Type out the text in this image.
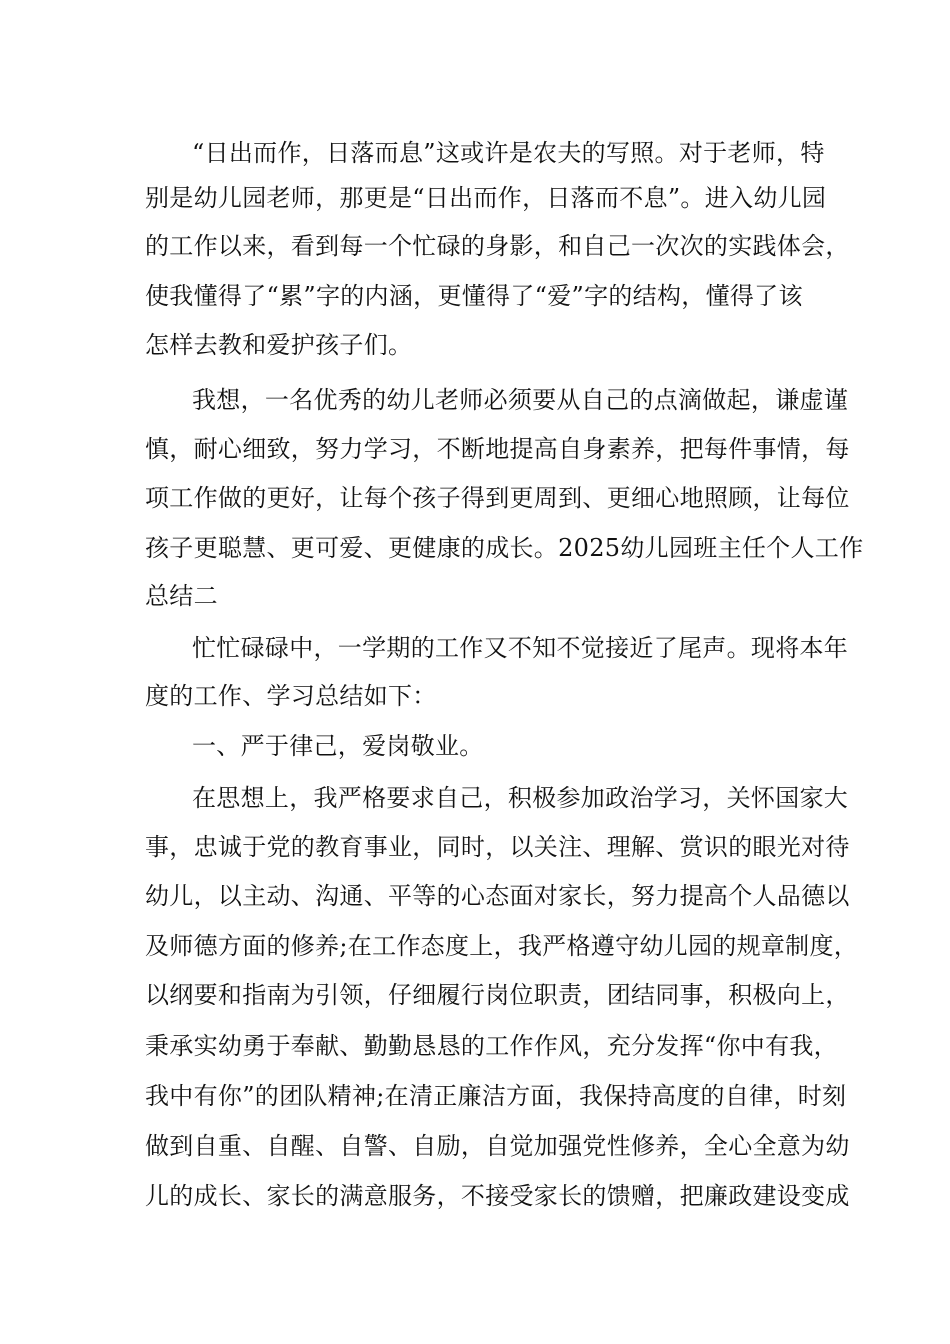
“日出而作，日落而息”这或许是农夫的写照。对于老师，特
别是幼儿园老师，那更是“日出而作，日落而不息”。进入幼儿园
的工作以来，看到每一个忙碌的身影，和自己一次次的实践体会，
使我懂得了“累”字的内涵，更懂得了“爱”字的结构，懂得了该
怎样去教和爱护孩子们。
我想，一名优秀的幼儿老师必须要从自己的点滴做起，谦虚谨
慎，耐心细致，努力学习，不断地提高自身素养，把每件事情，每
项工作做的更好，让每个孩子得到更周到、更细心地照顾，让每位
孩子更聪慧、更可爱、更健康的成长。2025幼儿园班主任个人工作
总结二
忙忙碌碌中，一学期的工作又不知不觉接近了尾声。现将本年
度的工作、学习总结如下：
一、严于律己，爱岗敬业。
在思想上，我严格要求自己，积极参加政治学习，关怀国家大
事，忠诚于党的教育事业，同时，以关注、理解、赏识的眼光对待
幼儿，以主动、沟通、平等的心态面对家长，努力提高个人品德以
及师德方面的修养;在工作态度上，我严格遵守幼儿园的规章制度，
以纲要和指南为引领，仔细履行岗位职责，团结同事，积极向上，
秉承实幼勇于奉献、勤勤恳恳的工作作风，充分发挥“你中有我，
我中有你”的团队精神;在清正廉洁方面，我保持高度的自律，时刻
做到自重、自醒、自警、自励，自觉加强党性修养，全心全意为幼
儿的成长、家长的满意服务，不接受家长的馈赠，把廉政建设变成
